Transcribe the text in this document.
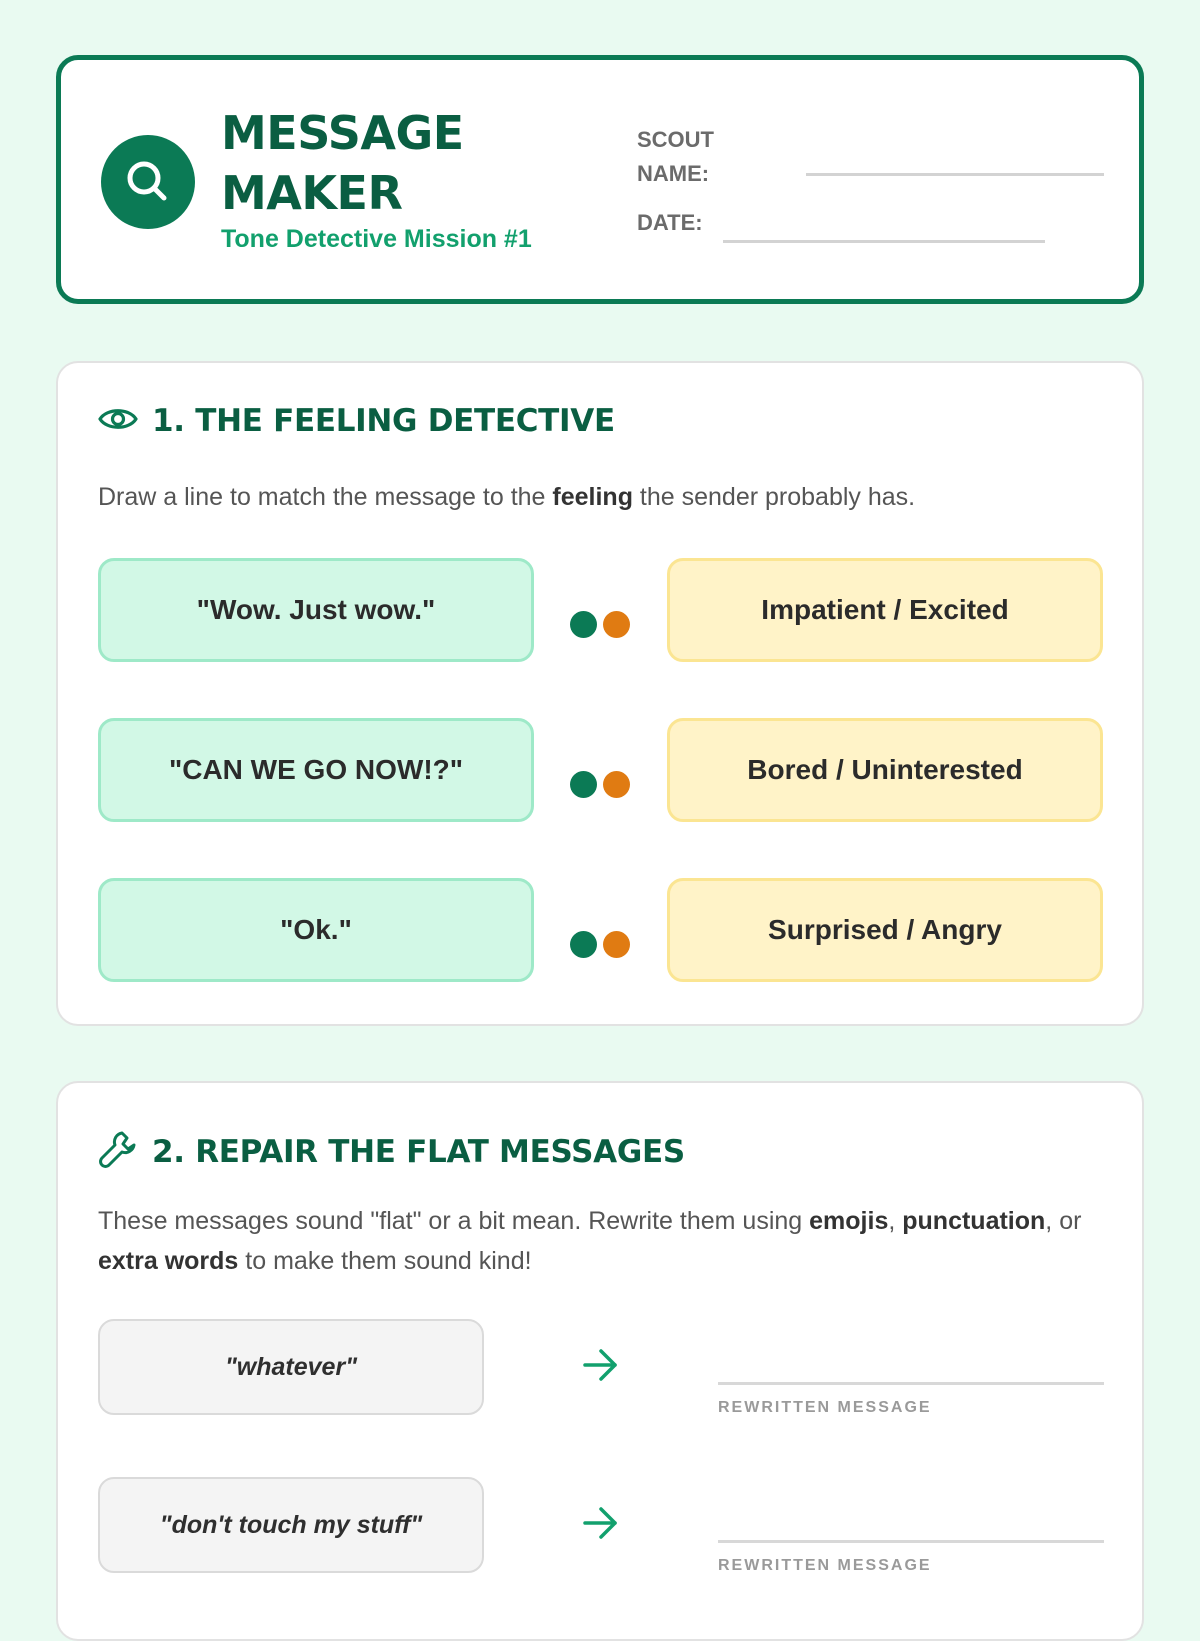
MESSAGE
MAKER
Tone Detective Mission #1
SCOUT NAME:
DATE:
1. THE FEELING DETECTIVE
Draw a line to match the message to the feeling the sender probably has.
"Wow. Just wow."	Impatient / Excited
"CAN WE GO NOW!?"	Bored / Uninterested
"Ok."	Surprised / Angry
2. REPAIR THE FLAT MESSAGES
These messages sound "flat" or a bit mean. Rewrite them using emojis, punctuation, or extra words to make them sound kind!
"whatever"
REWRITTEN MESSAGE
"don't touch my stuff"
REWRITTEN MESSAGE
